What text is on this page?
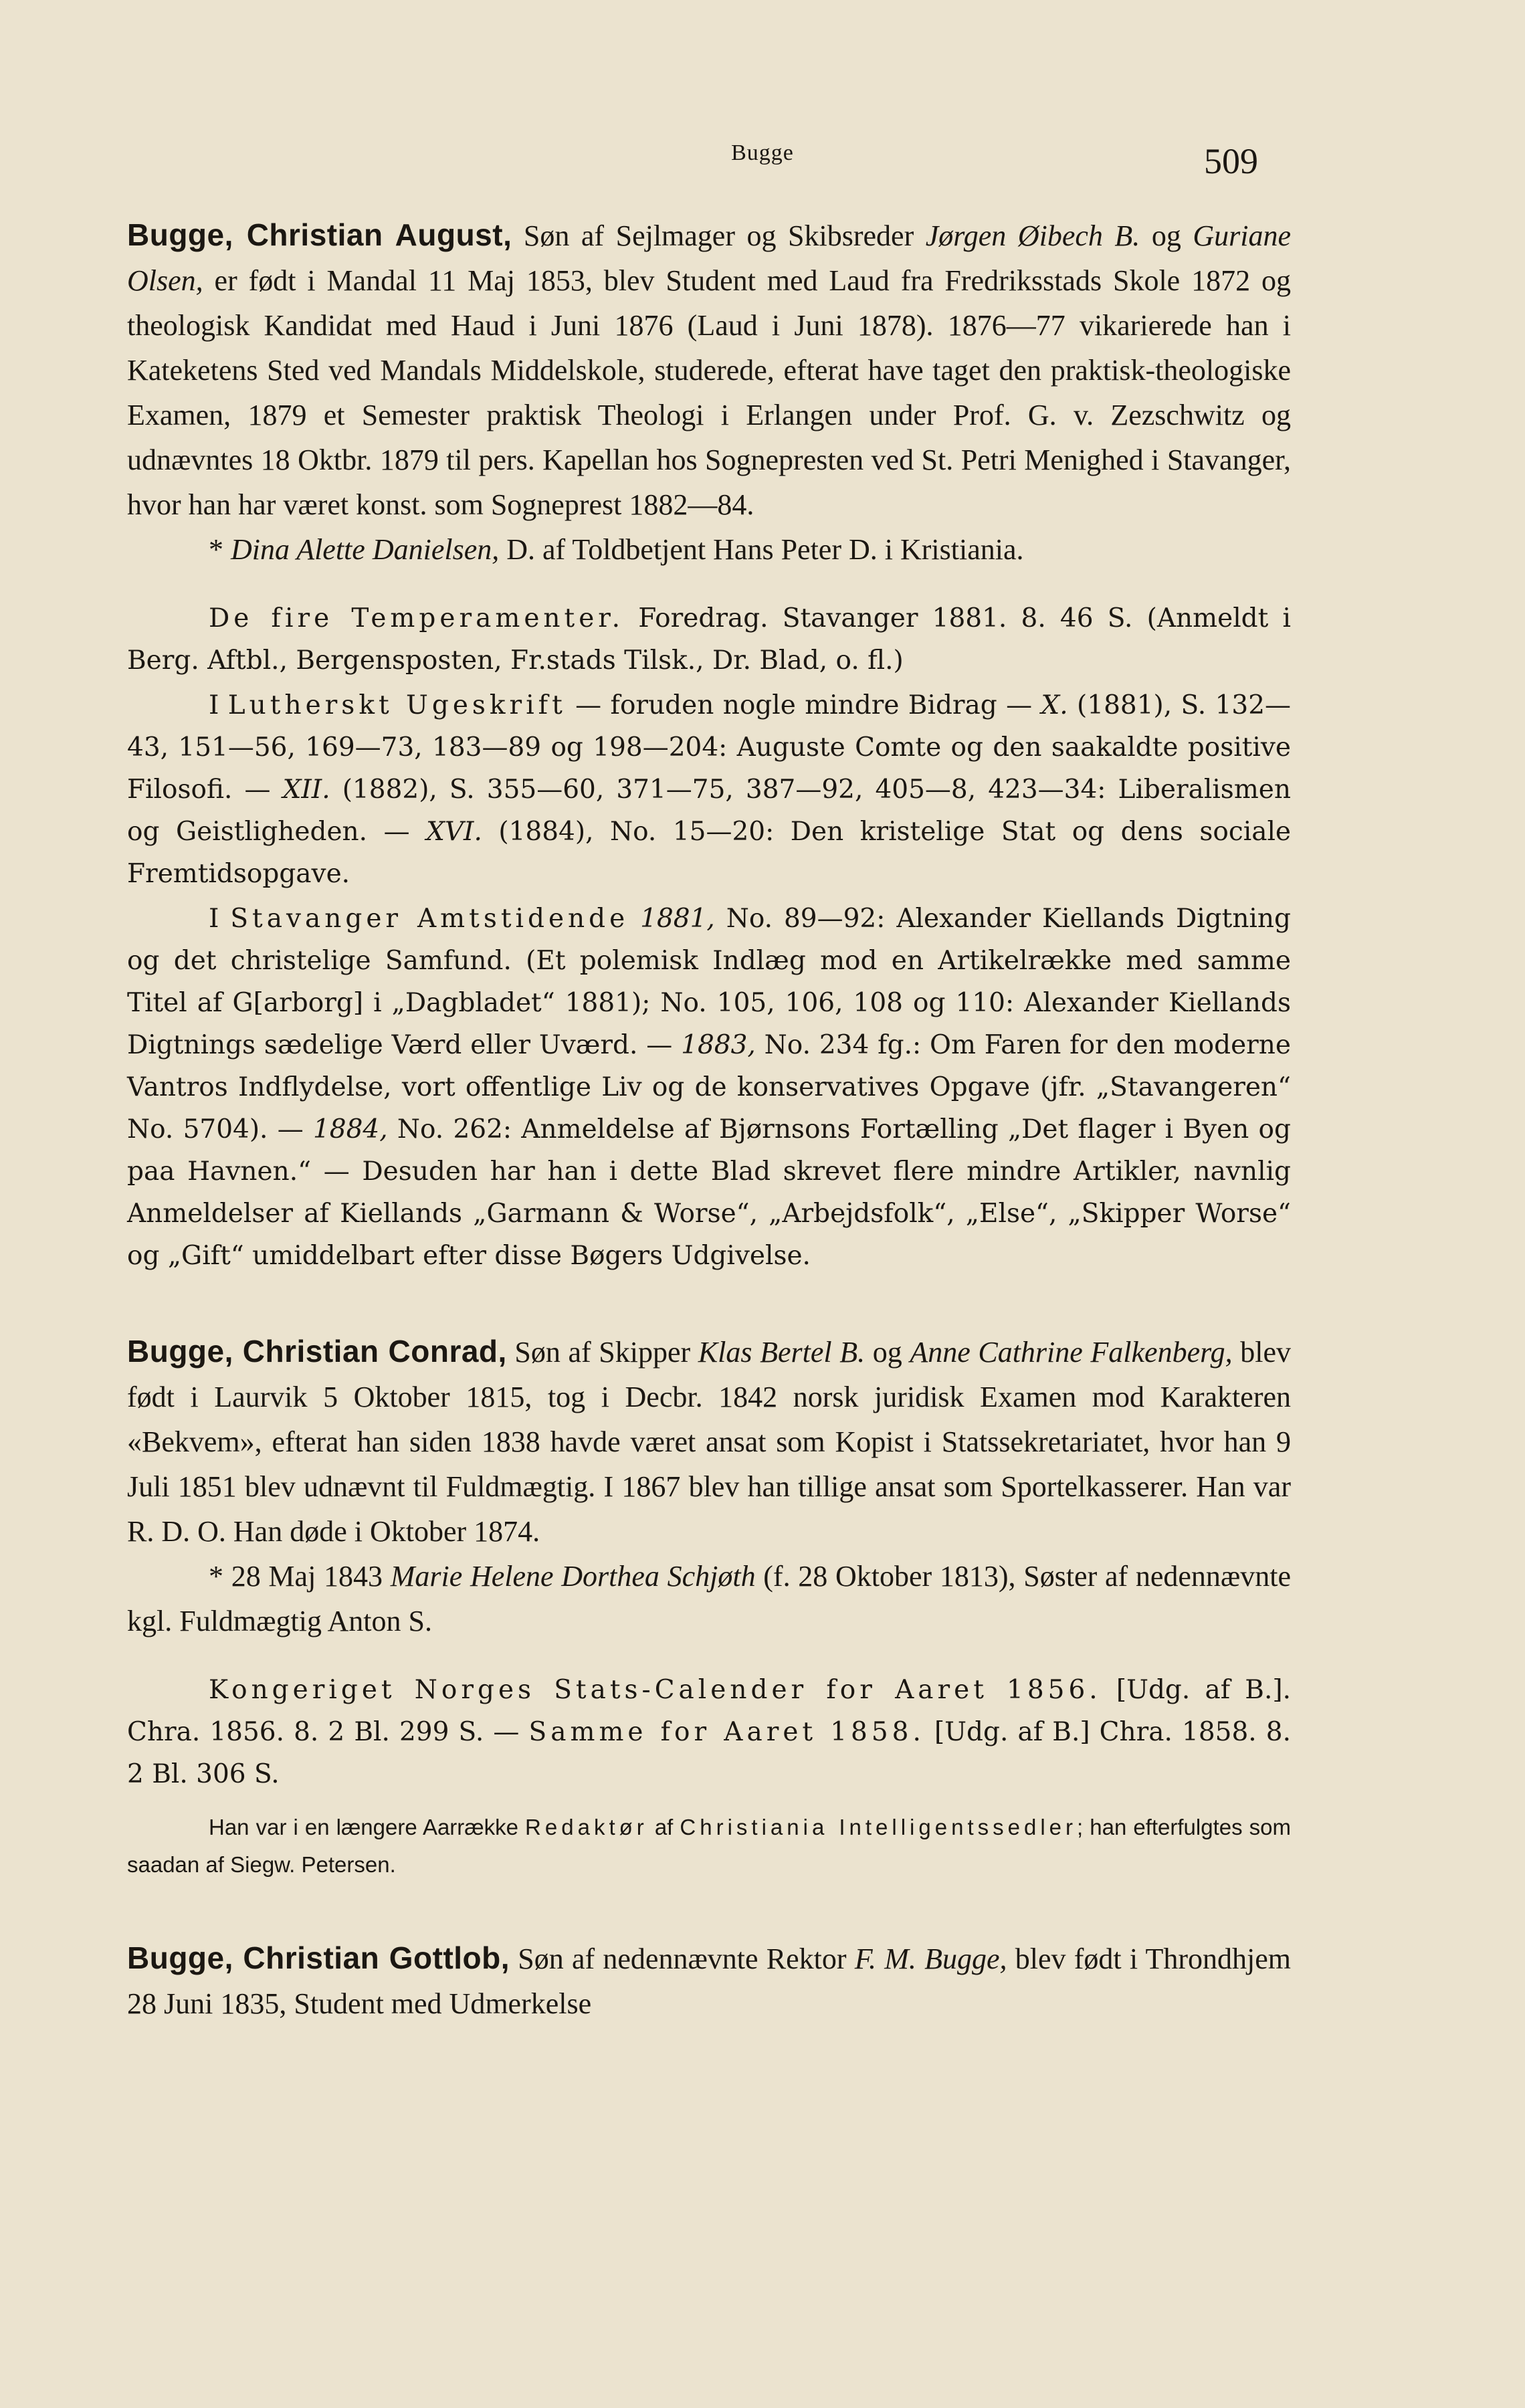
Bugge	509

Bugge, Christian August, Søn af Sejlmager og Skibsreder Jørgen Øibech B. og Guriane Olsen, er født i Mandal 11 Maj 1853, blev Student med Laud fra Fredriksstads Skole 1872 og theologisk Kandidat med Haud i Juni 1876 (Laud i Juni 1878). 1876—77 vikarierede han i Kateketens Sted ved Mandals Middelskole, studerede, efterat have taget den praktisk-theologiske Examen, 1879 et Semester praktisk Theologi i Erlangen under Prof. G. v. Zezschwitz og udnævntes 18 Oktbr. 1879 til pers. Kapellan hos Sognepresten ved St. Petri Menighed i Stavanger, hvor han har været konst. som Sogneprest 1882—84.

* Dina Alette Danielsen, D. af Toldbetjent Hans Peter D. i Kristiania.

De fire Temperamenter. Foredrag. Stavanger 1881. 8. 46 S. (Anmeldt i Berg. Aftbl., Bergensposten, Fr.stads Tilsk., Dr. Blad, o. fl.)

I Lutherskt Ugeskrift — foruden nogle mindre Bidrag — X. (1881), S. 132—43, 151—56, 169—73, 183—89 og 198—204: Auguste Comte og den saakaldte positive Filosofi. — XII. (1882), S. 355—60, 371—75, 387—92, 405—8, 423—34: Liberalismen og Geistligheden. — XVI. (1884), No. 15—20: Den kristelige Stat og dens sociale Fremtidsopgave.

I Stavanger Amtstidende 1881, No. 89—92: Alexander Kiellands Digtning og det christelige Samfund. (Et polemisk Indlæg mod en Artikelrække med samme Titel af G[arborg] i „Dagbladet“ 1881); No. 105, 106, 108 og 110: Alexander Kiellands Digtnings sædelige Værd eller Uværd. — 1883, No. 234 fg.: Om Faren for den moderne Vantros Indflydelse, vort offentlige Liv og de konservatives Opgave (jfr. „Stavangeren“ No. 5704). — 1884, No. 262: Anmeldelse af Bjørnsons Fortælling „Det flager i Byen og paa Havnen.“ — Desuden har han i dette Blad skrevet flere mindre Artikler, navnlig Anmeldelser af Kiellands „Garmann & Worse“, „Arbejdsfolk“, „Else“, „Skipper Worse“ og „Gift“ umiddelbart efter disse Bøgers Udgivelse.

Bugge, Christian Conrad, Søn af Skipper Klas Bertel B. og Anne Cathrine Falkenberg, blev født i Laurvik 5 Oktober 1815, tog i Decbr. 1842 norsk juridisk Examen mod Karakteren «Bekvem», efterat han siden 1838 havde været ansat som Kopist i Statssekretariatet, hvor han 9 Juli 1851 blev udnævnt til Fuldmægtig. I 1867 blev han tillige ansat som Sportelkasserer. Han var R. D. O. Han døde i Oktober 1874.

* 28 Maj 1843 Marie Helene Dorthea Schjøth (f. 28 Oktober 1813), Søster af nedennævnte kgl. Fuldmægtig Anton S.

Kongeriget Norges Stats-Calender for Aaret 1856. [Udg. af B.]. Chra. 1856. 8. 2 Bl. 299 S. — Samme for Aaret 1858. [Udg. af B.] Chra. 1858. 8. 2 Bl. 306 S.

Han var i en længere Aarrække Redaktør af Christiania Intelligentssedler; han efterfulgtes som saadan af Siegw. Petersen.

Bugge, Christian Gottlob, Søn af nedennævnte Rektor F. M. Bugge, blev født i Throndhjem 28 Juni 1835, Student med Udmerkelse
